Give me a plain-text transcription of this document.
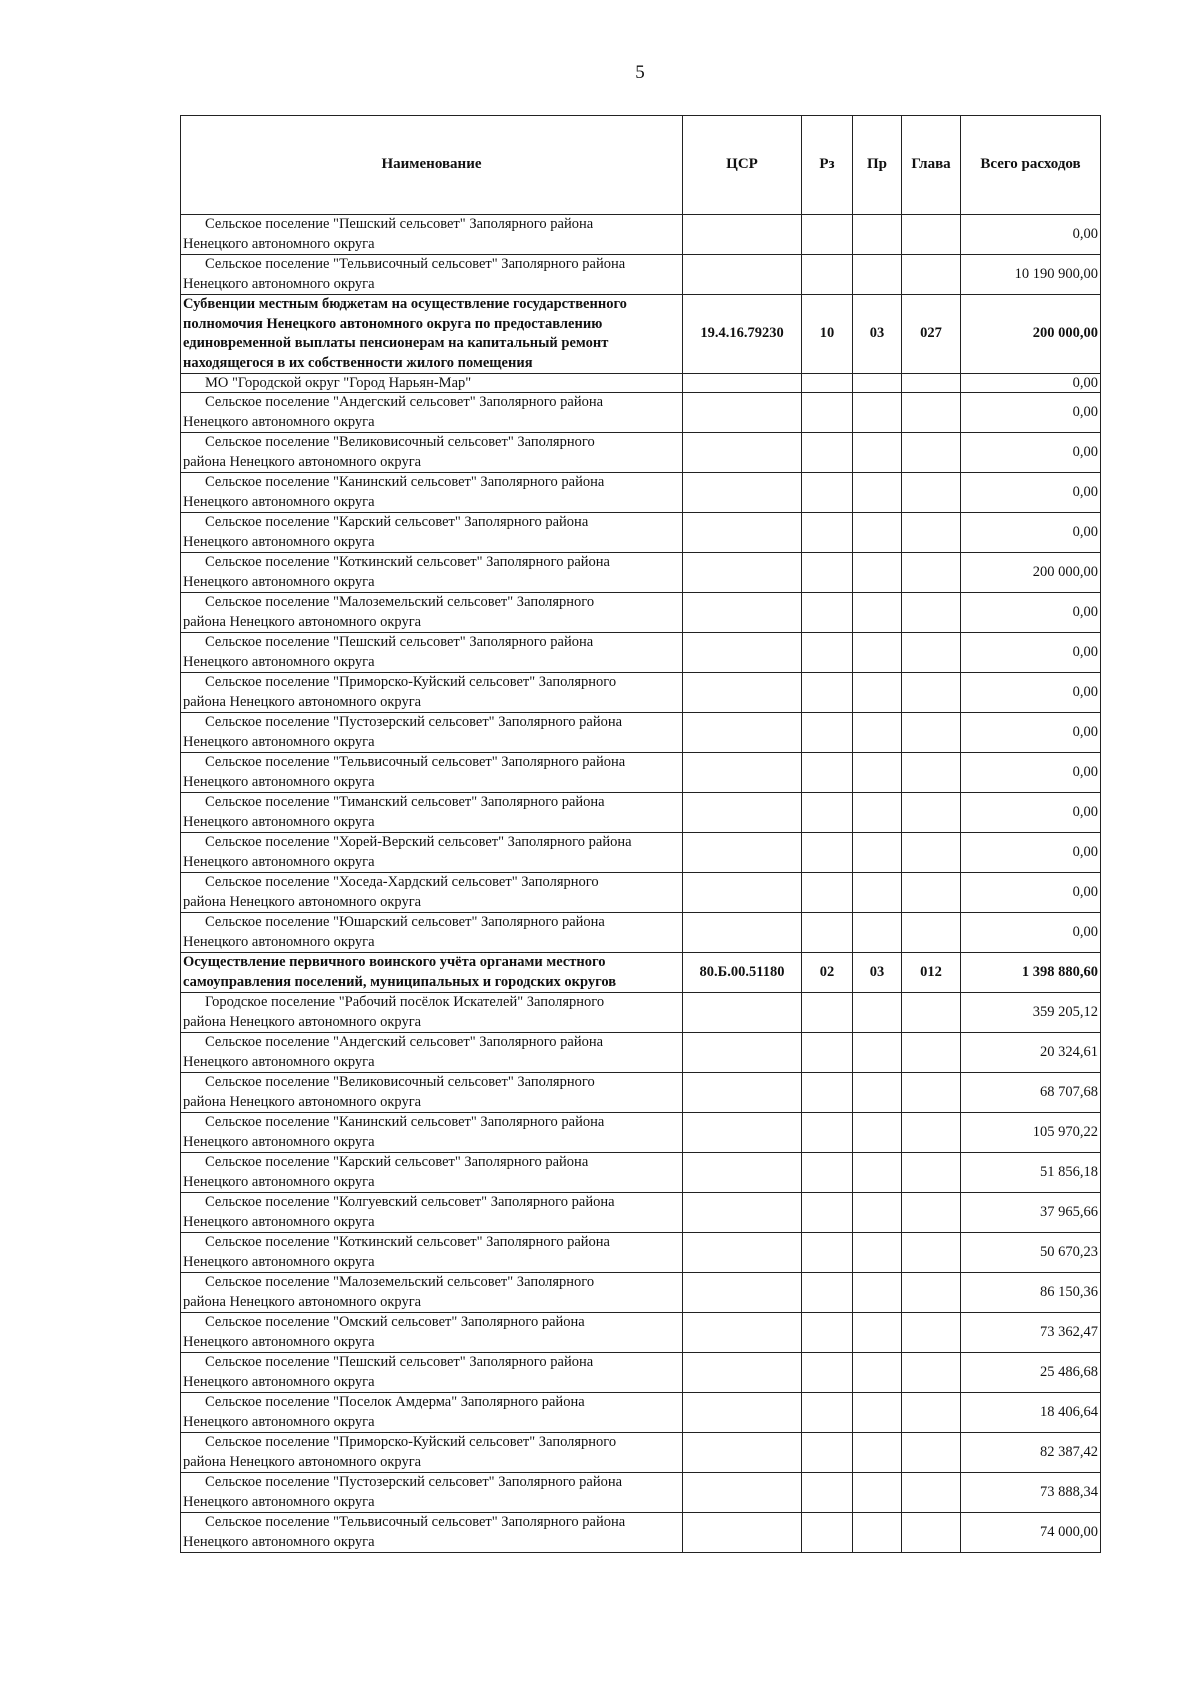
5
Наименование	ЦСР	Рз	Пр	Глава	Всего расходов

Сельское поселение "Пешский сельсовет" Заполярного района
Ненецкого автономного округа					0,00

Сельское поселение "Тельвисочный сельсовет" Заполярного района
Ненецкого автономного округа					10 190 900,00
Субвенции местным бюджетам на осуществление государственного полномочия Ненецкого автономного округа по предоставлению единовременной выплаты пенсионерам на капитальный ремонт находящегося в их собственности жилого помещения	19.4.16.79230	10	03	027	200 000,00

МО "Городской округ "Город Нарьян-Мар"					0,00

Сельское поселение "Андегский сельсовет" Заполярного района
Ненецкого автономного округа					0,00

Сельское поселение "Великовисочный сельсовет" Заполярного
района Ненецкого автономного округа					0,00

Сельское поселение "Канинский сельсовет" Заполярного района
Ненецкого автономного округа					0,00

Сельское поселение "Карский сельсовет" Заполярного района
Ненецкого автономного округа					0,00

Сельское поселение "Коткинский сельсовет" Заполярного района
Ненецкого автономного округа					200 000,00

Сельское поселение "Малоземельский сельсовет" Заполярного
района Ненецкого автономного округа					0,00

Сельское поселение "Пешский сельсовет" Заполярного района
Ненецкого автономного округа					0,00

Сельское поселение "Приморско-Куйский сельсовет" Заполярного
района Ненецкого автономного округа					0,00

Сельское поселение "Пустозерский сельсовет" Заполярного района
Ненецкого автономного округа					0,00

Сельское поселение "Тельвисочный сельсовет" Заполярного района
Ненецкого автономного округа					0,00

Сельское поселение "Тиманский сельсовет" Заполярного района
Ненецкого автономного округа					0,00

Сельское поселение "Хорей-Верский сельсовет" Заполярного района
Ненецкого автономного округа					0,00

Сельское поселение "Хоседа-Хардский сельсовет" Заполярного
района Ненецкого автономного округа					0,00

Сельское поселение "Юшарский сельсовет" Заполярного района
Ненецкого автономного округа					0,00
Осуществление первичного воинского учёта органами местного самоуправления поселений, муниципальных и городских округов	80.Б.00.51180	02	03	012	1 398 880,60

Городское поселение "Рабочий посёлок Искателей" Заполярного
района Ненецкого автономного округа					359 205,12

Сельское поселение "Андегский сельсовет" Заполярного района
Ненецкого автономного округа					20 324,61

Сельское поселение "Великовисочный сельсовет" Заполярного
района Ненецкого автономного округа					68 707,68

Сельское поселение "Канинский сельсовет" Заполярного района
Ненецкого автономного округа					105 970,22

Сельское поселение "Карский сельсовет" Заполярного района
Ненецкого автономного округа					51 856,18

Сельское поселение "Колгуевский сельсовет" Заполярного района
Ненецкого автономного округа					37 965,66

Сельское поселение "Коткинский сельсовет" Заполярного района
Ненецкого автономного округа					50 670,23

Сельское поселение "Малоземельский сельсовет" Заполярного
района Ненецкого автономного округа					86 150,36

Сельское поселение "Омский сельсовет" Заполярного района
Ненецкого автономного округа					73 362,47

Сельское поселение "Пешский сельсовет" Заполярного района
Ненецкого автономного округа					25 486,68

Сельское поселение "Поселок Амдерма" Заполярного района
Ненецкого автономного округа					18 406,64

Сельское поселение "Приморско-Куйский сельсовет" Заполярного
района Ненецкого автономного округа					82 387,42

Сельское поселение "Пустозерский сельсовет" Заполярного района
Ненецкого автономного округа					73 888,34

Сельское поселение "Тельвисочный сельсовет" Заполярного района
Ненецкого автономного округа					74 000,00
